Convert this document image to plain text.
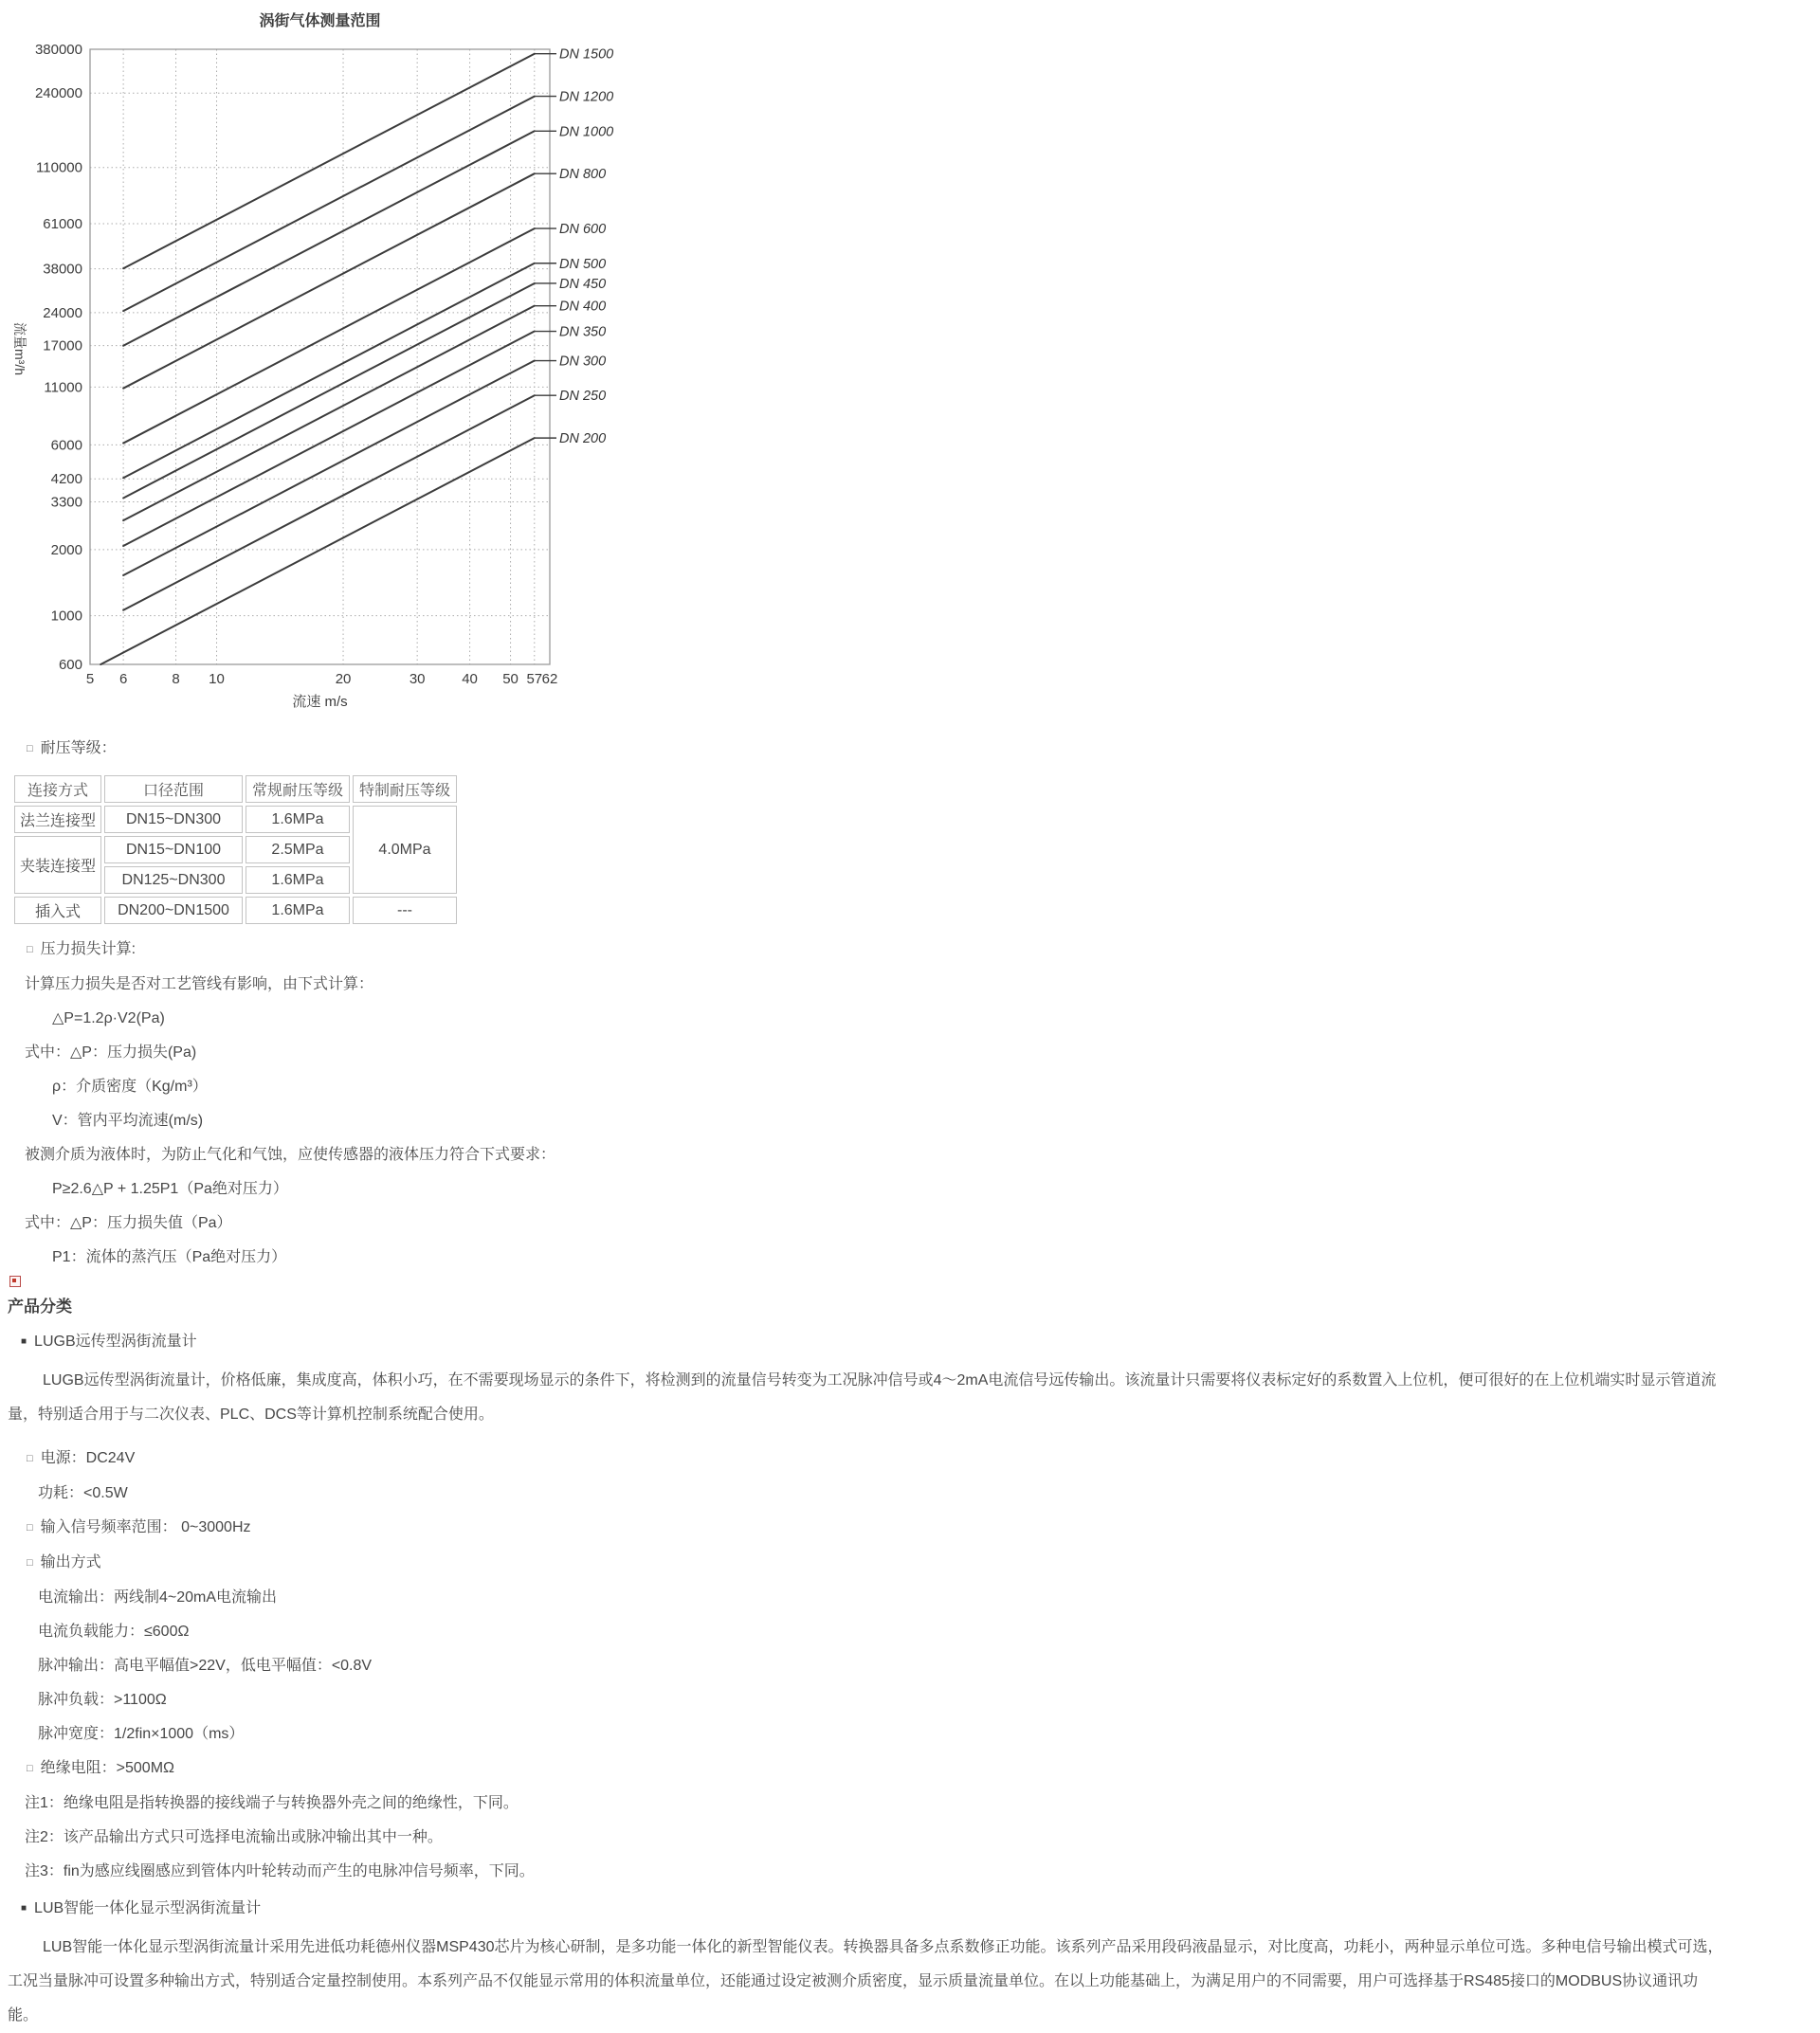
DN 200
DN 250
DN 300
DN 350
DN 400
DN 450
DN 500
DN 600
DN 800
DN 1000
DN 1200
DN 1500
5 6	8 10	20	30	40 50 57 62
600
1000
2000
3300
4200
6000
11000
17000
24000
38000
61000
110000
240000
380000
涡街气体测量范围
流速 m/s
流量m³/h
□ 耐压等级：
连接方式	口径范围	常规耐压等级	特制耐压等级
法兰连接型	DN15~DN300	1.6MPa	4.0MPa
夹装连接型	DN15~DN100	2.5MPa	
	DN125~DN300	1.6MPa	
插入式	DN200~DN1500	1.6MPa	---
□ 压力损失计算:
计算压力损失是否对工艺管线有影响，由下式计算：
△P=1.2ρ·V2(Pa)
式中：△P：压力损失(Pa)
ρ：介质密度（Kg/m³）
V：管内平均流速(m/s)
被测介质为液体时，为防止气化和气蚀，应使传感器的液体压力符合下式要求：
P≥2.6△P + 1.25P1（Pa绝对压力）
式中：△P：压力损失值（Pa）
P1：流体的蒸汽压（Pa绝对压力）
产品分类
■ LUGB远传型涡街流量计
LUGB远传型涡街流量计，价格低廉，集成度高，体积小巧，在不需要现场显示的条件下，将检测到的流量信号转变为工况脉冲信号或4～2mA电流信号远传输出。该流量计只需要将仪表标定好的系数置入上位机，便可很好的在上位机端实时显示管道流
量，特别适合用于与二次仪表、PLC、DCS等计算机控制系统配合使用。
□ 电源：DC24V
功耗：<0.5W
□ 输入信号频率范围： 0~3000Hz
□ 输出方式
电流输出：两线制4~20mA电流输出
电流负载能力：≤600Ω
脉冲输出：高电平幅值>22V，低电平幅值：<0.8V
脉冲负载：>1100Ω
脉冲宽度：1/2fin×1000（ms）
□ 绝缘电阻：>500MΩ
注1：绝缘电阻是指转换器的接线端子与转换器外壳之间的绝缘性，下同。
注2：该产品输出方式只可选择电流输出或脉冲输出其中一种。
注3：fin为感应线圈感应到管体内叶轮转动而产生的电脉冲信号频率，下同。
■ LUB智能一体化显示型涡街流量计
LUB智能一体化显示型涡街流量计采用先进低功耗德州仪器MSP430芯片为核心研制，是多功能一体化的新型智能仪表。转换器具备多点系数修正功能。该系列产品采用段码液晶显示，对比度高，功耗小，两种显示单位可选。多种电信号输出模式可选，
工况当量脉冲可设置多种输出方式，特别适合定量控制使用。本系列产品不仅能显示常用的体积流量单位，还能通过设定被测介质密度，显示质量流量单位。在以上功能基础上，为满足用户的不同需要，用户可选择基于RS485接口的MODBUS协议通讯功
能。
